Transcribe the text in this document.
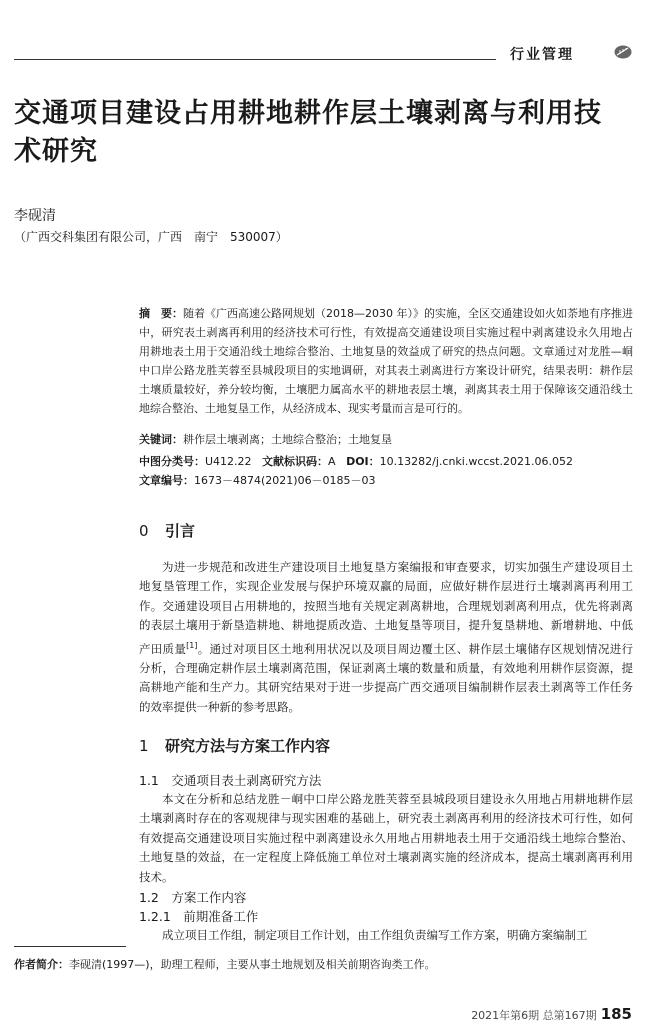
行业管理
交通项目建设占用耕地耕作层土壤剥离与利用技术研究
李砚清
（广西交科集团有限公司，广西　南宁　530007）
摘　要：随着《广西高速公路网规划（2018—2030 年）》的实施，全区交通建设如火如荼地有序推进中，研究表土剥离再利用的经济技术可行性，有效提高交通建设项目实施过程中剥离建设永久用地占用耕地表土用于交通沿线土地综合整治、土地复垦的效益成了研究的热点问题。文章通过对龙胜—峒中口岸公路龙胜芙蓉至县城段项目的实地调研，对其表土剥离进行方案设计研究，结果表明：耕作层土壤质量较好，养分较均衡，土壤肥力属高水平的耕地表层土壤，剥离其表土用于保障该交通沿线土地综合整治、土地复垦工作，从经济成本、现实考量而言是可行的。
关键词：耕作层土壤剥离；土地综合整治；土地复垦
中图分类号：U412.22 文献标识码：A DOI：10.13282/j.cnki.wccst.2021.06.052
文章编号：1673－4874(2021)06－0185－03
0 引言

为进一步规范和改进生产建设项目土地复垦方案编报和审查要求，切实加强生产建设项目土地复垦管理工作，实现企业发展与保护环境双赢的局面，应做好耕作层进行土壤剥离再利用工作。交通建设项目占用耕地的，按照当地有关规定剥离耕地，合理规划剥离利用点，优先将剥离的表层土壤用于新垦造耕地、耕地提质改造、土地复垦等项目，提升复垦耕地、新增耕地、中低产田质量[1]。通过对项目区土地利用状况以及项目周边覆土区、耕作层土壤储存区规划情况进行分析，合理确定耕作层土壤剥离范围，保证剥离土壤的数量和质量，有效地利用耕作层资源，提高耕地产能和生产力。其研究结果对于进一步提高广西交通项目编制耕作层表土剥离等工作任务的效率提供一种新的参考思路。

1 研究方法与方案工作内容
1.1　交通项目表土剥离研究方法

本文在分析和总结龙胜－峒中口岸公路龙胜芙蓉至县城段项目建设永久用地占用耕地耕作层土壤剥离时存在的客观规律与现实困难的基础上，研究表土剥离再利用的经济技术可行性，如何有效提高交通建设项目实施过程中剥离建设永久用地占用耕地表土用于交通沿线土地综合整治、土地复垦的效益，在一定程度上降低施工单位对土壤剥离实施的经济成本，提高土壤剥离再利用技术。

1.2　方案工作内容
1.2.1　前期准备工作

成立项目工作组，制定项目工作计划，由工作组负责编写工作方案，明确方案编制工

作者简介：李砚清(1997—)，助理工程师，主要从事土地规划及相关前期咨询类工作。
2021年第6期 总第167期 185
